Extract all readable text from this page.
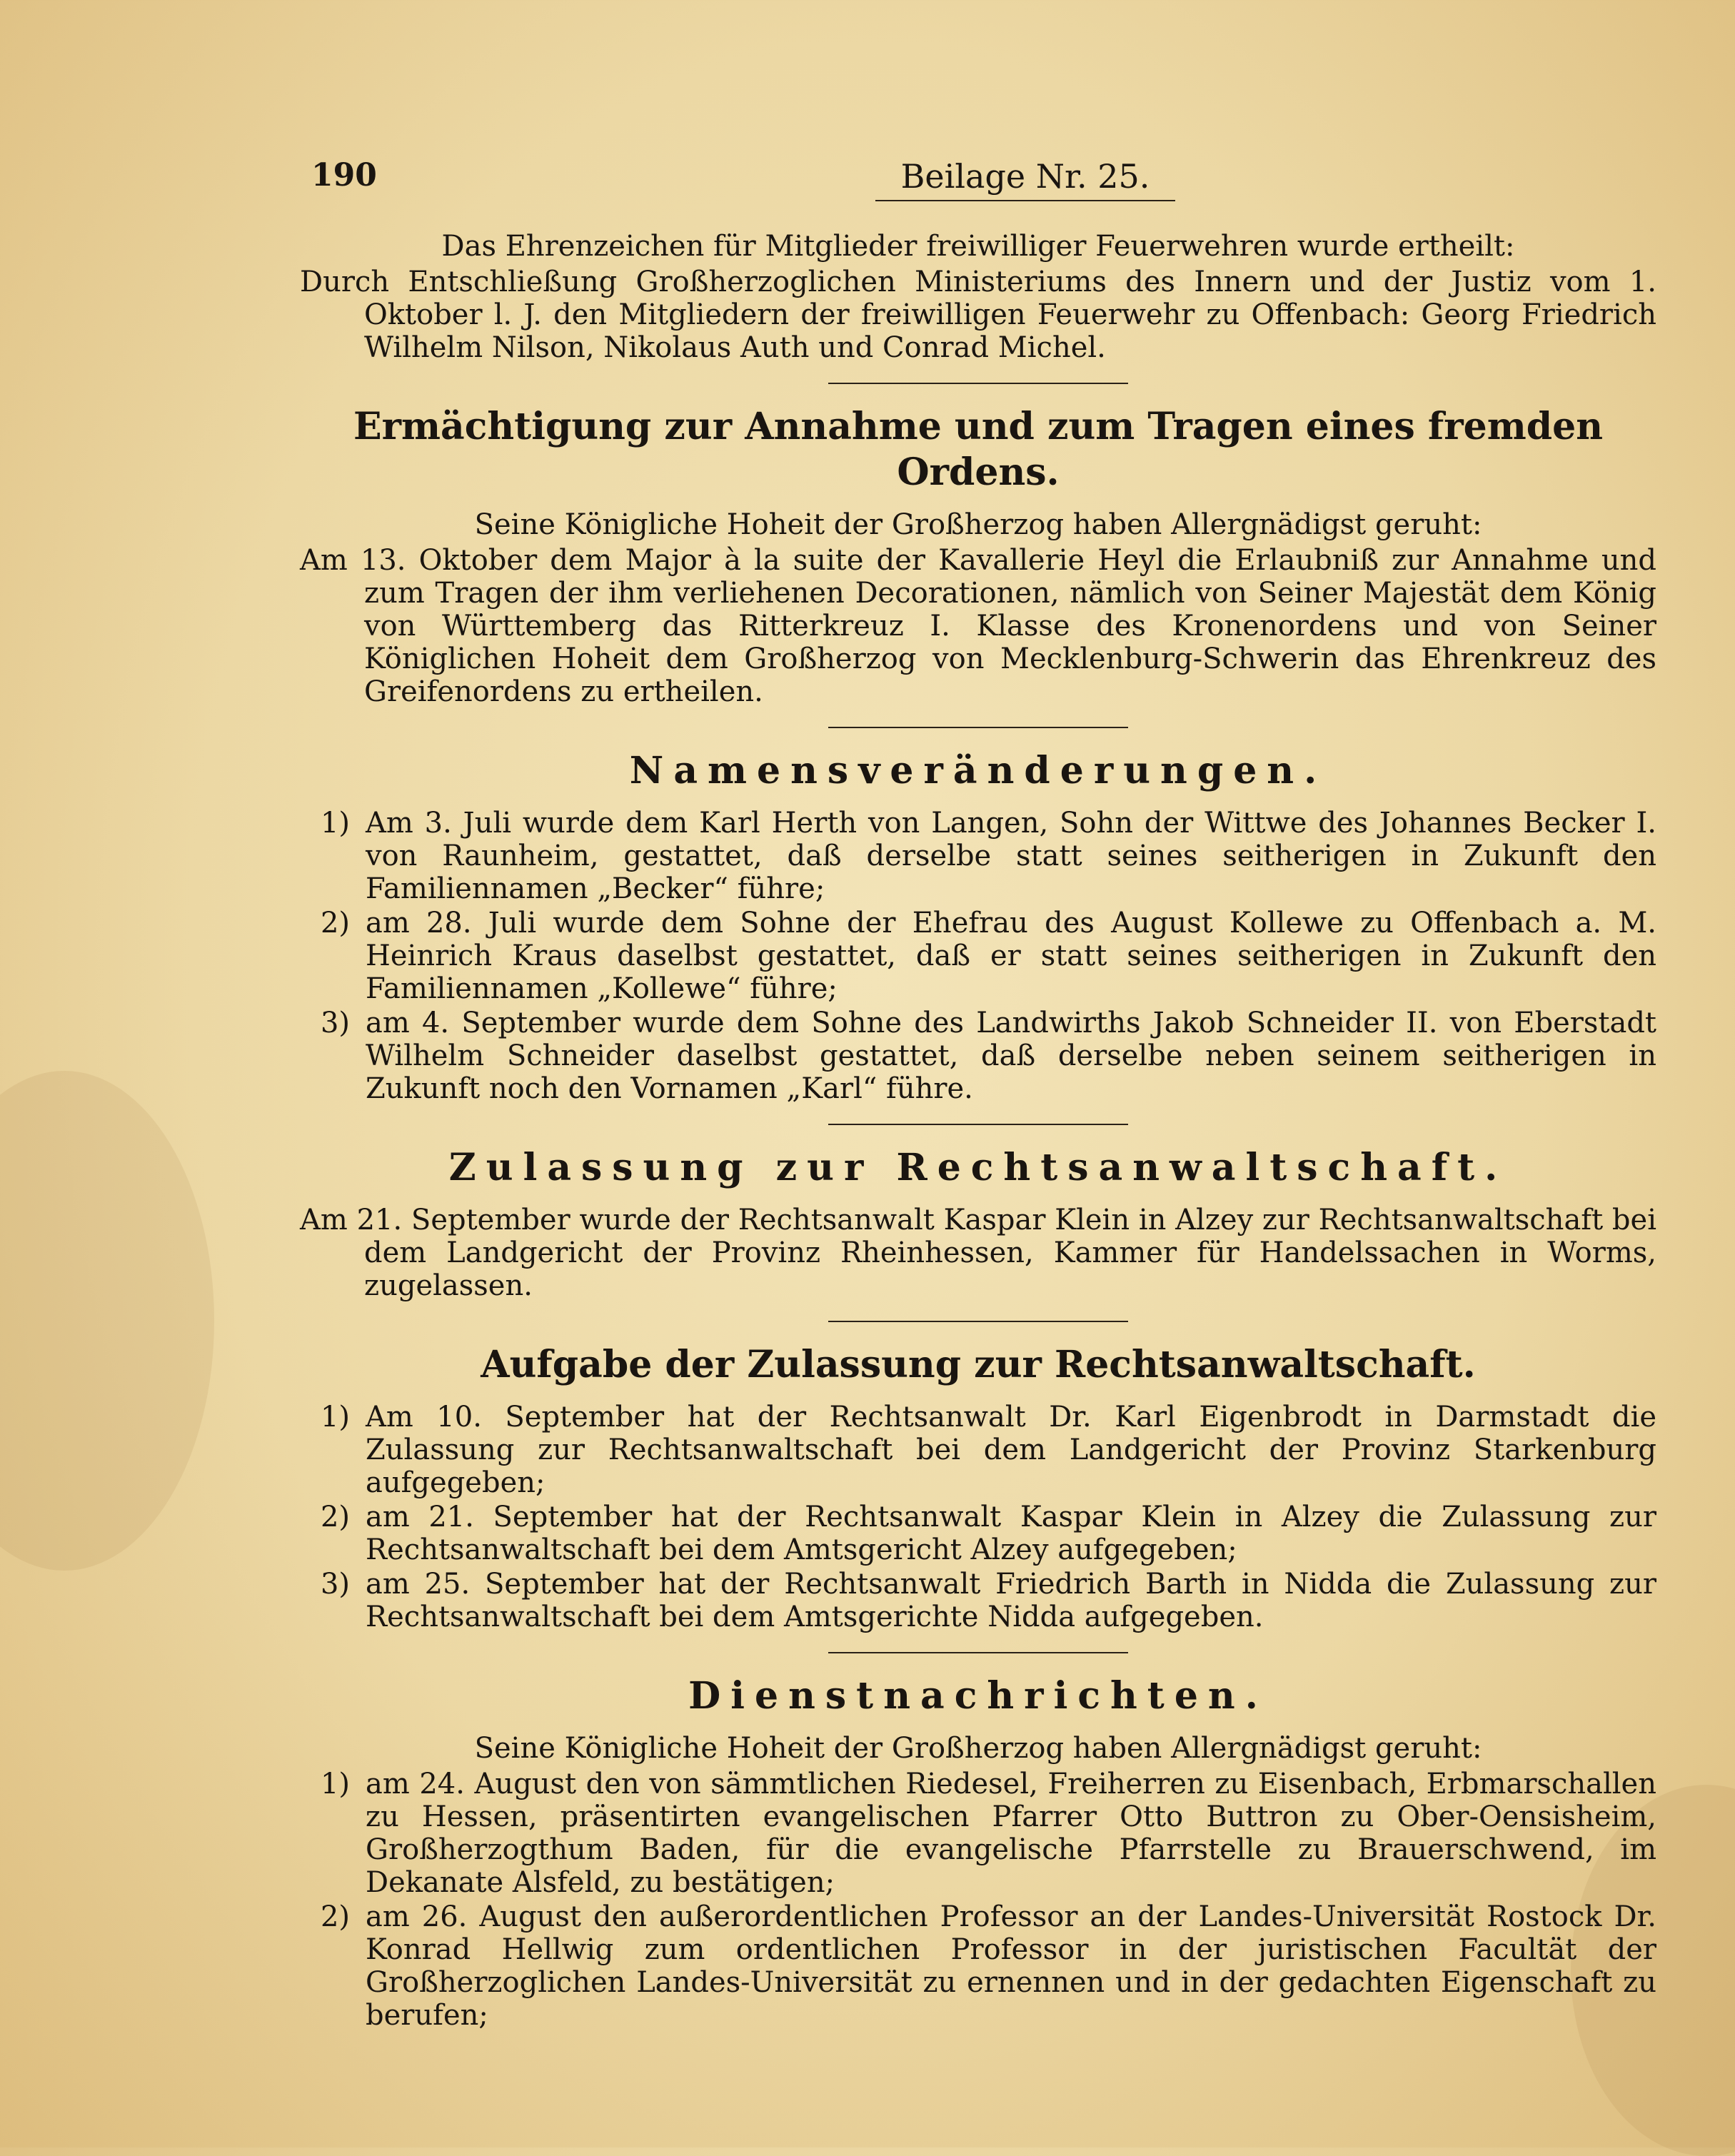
190	Beilage Nr. 25.

Das Ehrenzeichen für Mitglieder freiwilliger Feuerwehren wurde ertheilt:

Durch Entschließung Großherzoglichen Ministeriums des Innern und der Justiz vom 1. Oktober l. J. den Mitgliedern der freiwilligen Feuerwehr zu Offenbach: Georg Friedrich Wilhelm Nilson, Nikolaus Auth und Conrad Michel.

Ermächtigung zur Annahme und zum Tragen eines fremden Ordens.

Seine Königliche Hoheit der Großherzog haben Allergnädigst geruht:

Am 13. Oktober dem Major à la suite der Kavallerie Heyl die Erlaubniß zur Annahme und zum Tragen der ihm verliehenen Decorationen, nämlich von Seiner Majestät dem König von Württemberg das Ritterkreuz I. Klasse des Kronenordens und von Seiner Königlichen Hoheit dem Großherzog von Mecklenburg-Schwerin das Ehrenkreuz des Greifenordens zu ertheilen.

Namensveränderungen.
1) Am 3. Juli wurde dem Karl Herth von Langen, Sohn der Wittwe des Johannes Becker I. von Raunheim, gestattet, daß derselbe statt seines seitherigen in Zukunft den Familiennamen „Becker“ führe;
2) am 28. Juli wurde dem Sohne der Ehefrau des August Kollewe zu Offenbach a. M. Heinrich Kraus daselbst gestattet, daß er statt seines seitherigen in Zukunft den Familiennamen „Kollewe“ führe;
3) am 4. September wurde dem Sohne des Landwirths Jakob Schneider II. von Eberstadt Wilhelm Schneider daselbst gestattet, daß derselbe neben seinem seitherigen in Zukunft noch den Vornamen „Karl“ führe.
Zulassung zur Rechtsanwaltschaft.

Am 21. September wurde der Rechtsanwalt Kaspar Klein in Alzey zur Rechtsanwaltschaft bei dem Landgericht der Provinz Rheinhessen, Kammer für Handelssachen in Worms, zugelassen.

Aufgabe der Zulassung zur Rechtsanwaltschaft.
1) Am 10. September hat der Rechtsanwalt Dr. Karl Eigenbrodt in Darmstadt die Zulassung zur Rechtsanwaltschaft bei dem Landgericht der Provinz Starkenburg aufgegeben;
2) am 21. September hat der Rechtsanwalt Kaspar Klein in Alzey die Zulassung zur Rechtsanwaltschaft bei dem Amtsgericht Alzey aufgegeben;
3) am 25. September hat der Rechtsanwalt Friedrich Barth in Nidda die Zulassung zur Rechtsanwaltschaft bei dem Amtsgerichte Nidda aufgegeben.
Dienstnachrichten.

Seine Königliche Hoheit der Großherzog haben Allergnädigst geruht:

1) am 24. August den von sämmtlichen Riedesel, Freiherren zu Eisenbach, Erbmarschallen zu Hessen, präsentirten evangelischen Pfarrer Otto Buttron zu Ober-Oensisheim, Großherzogthum Baden, für die evangelische Pfarrstelle zu Brauerschwend, im Dekanate Alsfeld, zu bestätigen;
2) am 26. August den außerordentlichen Professor an der Landes-Universität Rostock Dr. Konrad Hellwig zum ordentlichen Professor in der juristischen Facultät der Großherzoglichen Landes-Universität zu ernennen und in der gedachten Eigenschaft zu berufen;
